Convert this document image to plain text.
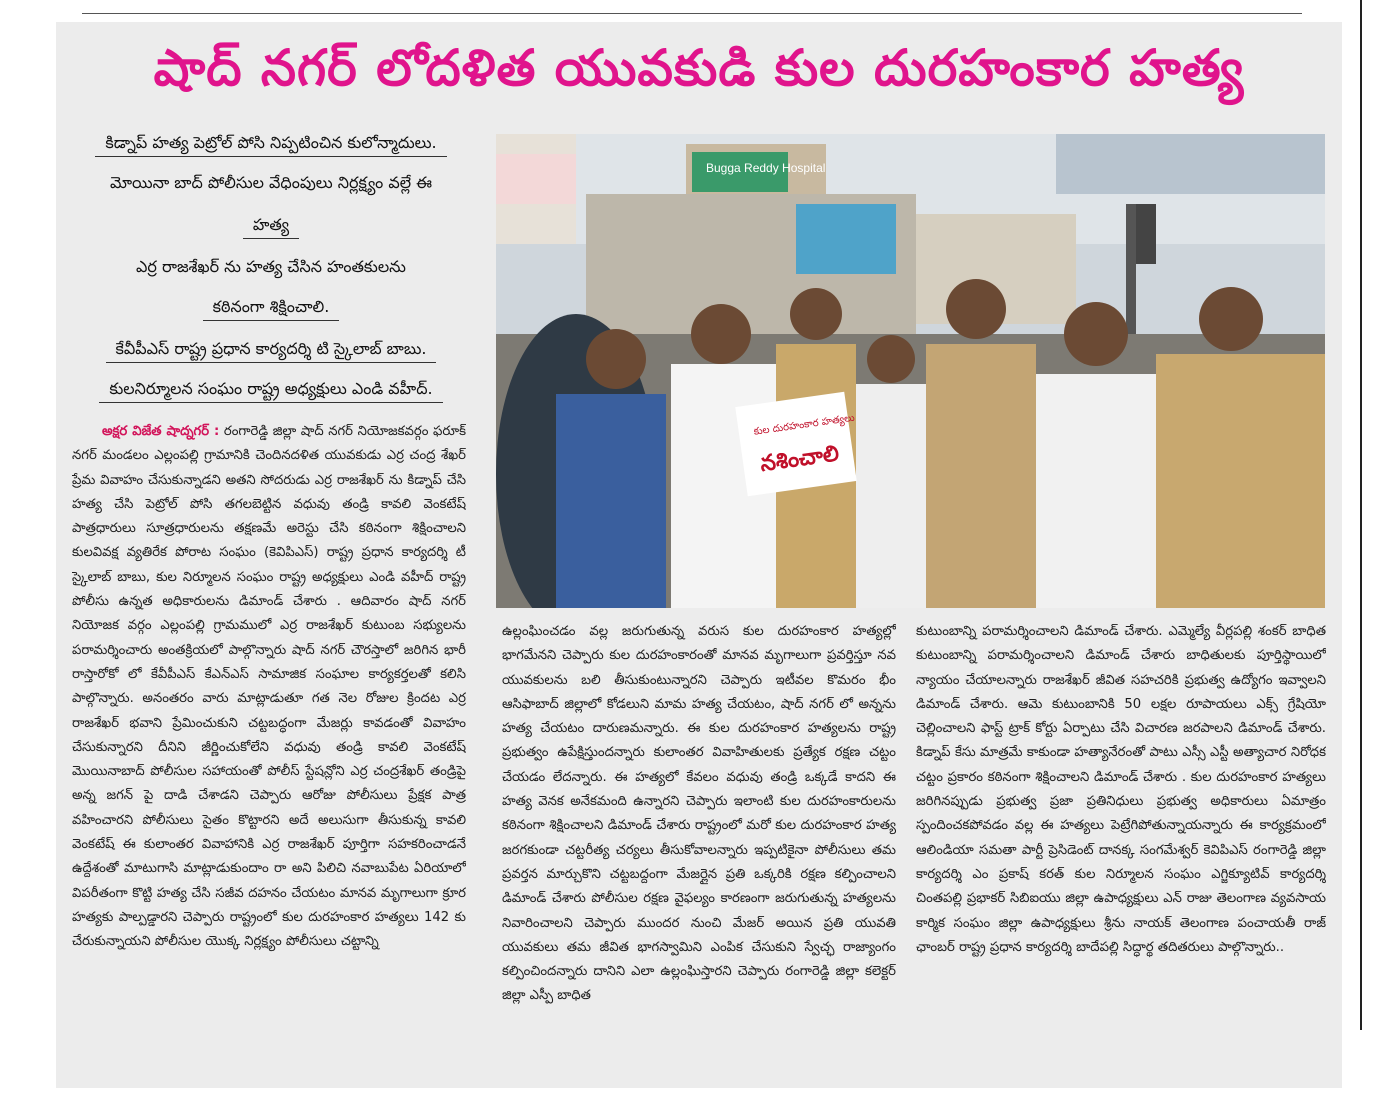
షాద్ నగర్ లోదళిత యువకుడి కుల దురహంకార హత్య
కిడ్నాప్ హత్య పెట్రోల్ పోసి నిప్పటించిన కులోన్మాదులు.
మోయినా బాద్ పోలీసుల వేధింపులు నిర్లక్ష్యం వల్లే ఈ
హత్య
ఎర్ర రాజశేఖర్ ను హత్య చేసిన హంతకులను
కఠినంగా శిక్షించాలి.
కేవీపీఎస్ రాష్ట్ర ప్రధాన కార్యదర్శి టి స్కైలాబ్ బాబు.
కులనిర్మూలన సంఘం రాష్ట్ర అధ్యక్షులు ఎండి వహీద్.
Bugga Reddy Hospital
కుల దురహంకార హత్యలు
నశించాలి

అక్షర విజేత షాద్నగర్ : రంగారెడ్డి జిల్లా షాద్ నగర్ నియోజకవర్గం ఫరూక్ నగర్ మండలం ఎల్లంపల్లి గ్రామానికి చెందినదళిత యువకుడు ఎర్ర చంద్ర శేఖర్ ప్రేమ వివాహం చేసుకున్నాడని అతని సోదరుడు ఎర్ర రాజశేఖర్ ను కిడ్నాప్ చేసి హత్య చేసి పెట్రోల్ పోసి తగలబెట్టిన వధువు తండ్రి కావలి వెంకటేష్ పాత్రధారులు సూత్రధారులను తక్షణమే అరెస్టు చేసి కఠినంగా శిక్షించాలని కులవివక్ష వ్యతిరేక పోరాట సంఘం (కెవిపిఎస్) రాష్ట్ర ప్రధాన కార్యదర్శి టీ స్కైలాబ్ బాబు, కుల నిర్మూలన సంఘం రాష్ట్ర అధ్యక్షులు ఎండి వహీద్ రాష్ట్ర పోలీసు ఉన్నత అధికారులను డిమాండ్ చేశారు . ఆదివారం షాద్ నగర్ నియోజక వర్గం ఎల్లంపల్లి గ్రామములో ఎర్ర రాజశేఖర్ కుటుంబ సభ్యులను పరామర్శించారు అంతక్రియలో పాల్గొన్నారు షాద్ నగర్ చౌరస్తాలో జరిగిన భారీ రాస్తారోకో లో కేవీపీఎస్ కేఎన్ఎస్ సామాజిక సంఘాల కార్యకర్తలతో కలిసి పాల్గొన్నారు. అనంతరం వారు మాట్లాడుతూ గత నెల రోజుల క్రిందట ఎర్ర రాజశేఖర్ భవాని ప్రేమించుకుని చట్టబద్ధంగా మేజర్లు కావడంతో వివాహం చేసుకున్నారని దీనిని జీర్ణించుకోలేని వధువు తండ్రి కావలి వెంకటేష్ మొయినాబాద్ పోలీసుల సహాయంతో పోలీస్ స్టేషన్లోని ఎర్ర చంద్రశేఖర్ తండ్రిపై అన్న జగన్ పై దాడి చేశాడని చెప్పారు ఆరోజు పోలీసులు ప్రేక్షక పాత్ర వహించారని పోలీసులు సైతం కొట్టారని అదే అలుసుగా తీసుకున్న కావలి వెంకటేష్ ఈ కులాంతర వివాహానికి ఎర్ర రాజశేఖర్ పూర్తిగా సహకరించాడనే ఉద్దేశంతో మాటుగాసి మాట్లాడుకుందాం రా అని పిలిచి నవాబుపేట ఏరియాలో విపరీతంగా కొట్టి హత్య చేసి సజీవ దహనం చేయటం మానవ మృగాలుగా క్రూర హత్యకు పాల్పడ్డారని చెప్పారు రాష్ట్రంలో కుల దురహంకార హత్యలు 142 కు చేరుకున్నాయని పోలీసుల యొక్క నిర్లక్ష్యం పోలీసులు చట్టాన్ని

ఉల్లంఘించడం వల్ల జరుగుతున్న వరుస కుల దురహంకార హత్యల్లో భాగమేనని చెప్పారు కుల దురహంకారంతో మానవ మృగాలుగా ప్రవర్తిస్తూ నవ యువకులను బలి తీసుకుంటున్నారని చెప్పారు ఇటీవల కొమరం భీం ఆసిఫాబాద్ జిల్లాలో కోడలుని మామ హత్య చేయటం, షాద్ నగర్ లో అన్నను హత్య చేయటం దారుణమన్నారు. ఈ కుల దురహంకార హత్యలను రాష్ట్ర ప్రభుత్వం ఉపేక్షిస్తుందన్నారు కులాంతర వివాహితులకు ప్రత్యేక రక్షణ చట్టం చేయడం లేదన్నారు. ఈ హత్యలో కేవలం వధువు తండ్రి ఒక్కడే కాదని ఈ హత్య వెనక అనేకమంది ఉన్నారని చెప్పారు ఇలాంటి కుల దురహంకారులను కఠినంగా శిక్షించాలని డిమాండ్ చేశారు రాష్ట్రంలో మరో కుల దురహంకార హత్య జరగకుండా చట్టరీత్య చర్యలు తీసుకోవాలన్నారు ఇప్పటికైనా పోలీసులు తమ ప్రవర్తన మార్చుకొని చట్టబద్దంగా మేజర్లైన ప్రతి ఒక్కరికి రక్షణ కల్పించాలని డిమాండ్ చేశారు పోలీసుల రక్షణ వైఫల్యం కారణంగా జరుగుతున్న హత్యలను నివారించాలని చెప్పారు ముందర నుంచి మేజర్ అయిన ప్రతి యువతి యువకులు తమ జీవిత భాగస్వామిని ఎంపిక చేసుకుని స్వేచ్ఛ రాజ్యాంగం కల్పించిందన్నారు దానిని ఎలా ఉల్లంఘిస్తారని చెప్పారు రంగారెడ్డి జిల్లా కలెక్టర్ జిల్లా ఎస్పీ బాధిత

కుటుంబాన్ని పరామర్శించాలని డిమాండ్ చేశారు. ఎమ్మెల్యే వీర్లపల్లి శంకర్ బాధిత కుటుంబాన్ని పరామర్శించాలని డిమాండ్ చేశారు బాధితులకు పూర్తిస్థాయిలో న్యాయం చేయాలన్నారు రాజశేఖర్ జీవిత సహచరికి ప్రభుత్వ ఉద్యోగం ఇవ్వాలని డిమాండ్ చేశారు. ఆమె కుటుంబానికి 50 లక్షల రూపాయలు ఎక్స్ గ్రేషియో చెల్లించాలని ఫాస్ట్ ట్రాక్ కోర్టు ఏర్పాటు చేసి విచారణ జరపాలని డిమాండ్ చేశారు. కిడ్నాప్ కేసు మాత్రమే కాకుండా హత్యానేరంతో పాటు ఎస్సీ ఎస్టీ అత్యాచార నిరోధక చట్టం ప్రకారం కఠినంగా శిక్షించాలని డిమాండ్ చేశారు . కుల దురహంకార హత్యలు జరిగినప్పుడు ప్రభుత్వ ప్రజా ప్రతినిధులు ప్రభుత్వ అధికారులు ఏమాత్రం స్పందించకపోవడం వల్ల ఈ హత్యలు పెట్రేగిపోతున్నాయన్నారు ఈ కార్యక్రమంలో ఆలిండియా సమతా పార్టీ ప్రెసిడెంట్ దానక్క సంగమేశ్వర్ కెవిపిఎస్ రంగారెడ్డి జిల్లా కార్యదర్శి ఎం ప్రకాష్ కరత్ కుల నిర్మూలన సంఘం ఎగ్జిక్యూటివ్ కార్యదర్శి చింతపల్లి ప్రభాకర్ సిబిఐయు జిల్లా ఉపాధ్యక్షులు ఎన్ రాజు తెలంగాణ వ్యవసాయ కార్మిక సంఘం జిల్లా ఉపాధ్యక్షులు శ్రీను నాయక్ తెలంగాణ పంచాయతీ రాజ్ ఛాంబర్ రాష్ట్ర ప్రధాన కార్యదర్శి బాదేపల్లి సిద్ధార్థ తదితరులు పాల్గొన్నారు..
